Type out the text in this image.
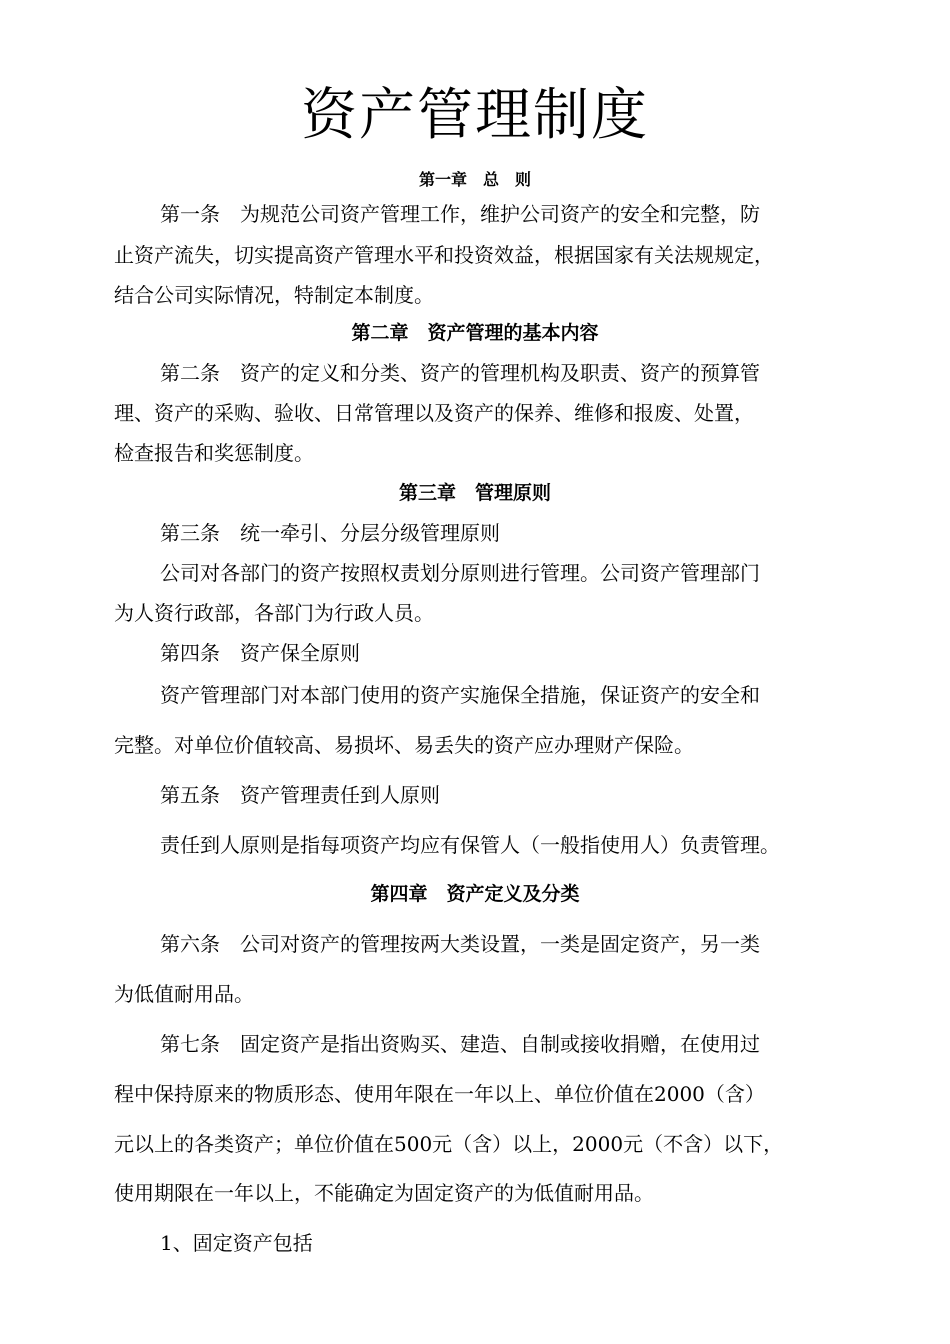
资产管理制度
第一章　总　则

第一条　为规范公司资产管理工作，维护公司资产的安全和完整，防

止资产流失，切实提高资产管理水平和投资效益，根据国家有关法规规定，

结合公司实际情况，特制定本制度。

第二章　资产管理的基本内容

第二条　资产的定义和分类、资产的管理机构及职责、资产的预算管

理、资产的采购、验收、日常管理以及资产的保养、维修和报废、处置，

检查报告和奖惩制度。

第三章　管理原则

第三条　统一牵引、分层分级管理原则

公司对各部门的资产按照权责划分原则进行管理。公司资产管理部门

为人资行政部，各部门为行政人员。

第四条　资产保全原则

资产管理部门对本部门使用的资产实施保全措施，保证资产的安全和

完整。对单位价值较高、易损坏、易丢失的资产应办理财产保险。

第五条　资产管理责任到人原则

责任到人原则是指每项资产均应有保管人（一般指使用人）负责管理。

第四章　资产定义及分类

第六条　公司对资产的管理按两大类设置，一类是固定资产，另一类

为低值耐用品。

第七条　固定资产是指出资购买、建造、自制或接收捐赠，在使用过

程中保持原来的物质形态、使用年限在一年以上、单位价值在2000（含）

元以上的各类资产；单位价值在500元（含）以上，2000元（不含）以下，

使用期限在一年以上，不能确定为固定资产的为低值耐用品。

1、固定资产包括
